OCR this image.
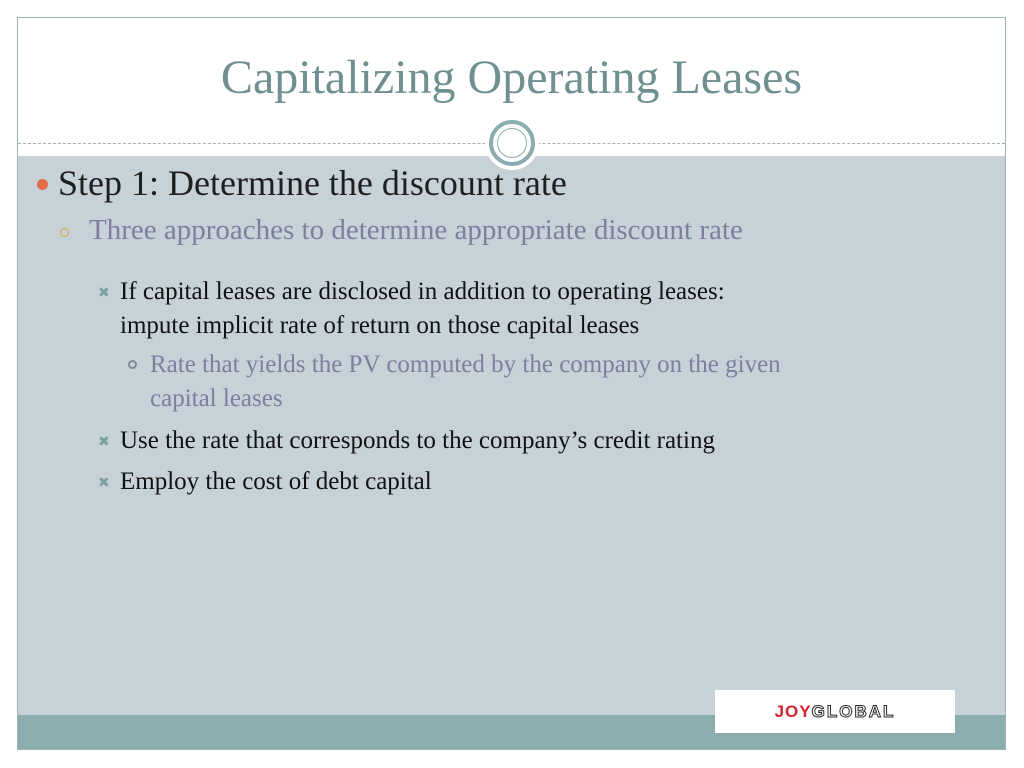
Capitalizing Operating Leases
Step 1: Determine the discount rate
Three approaches to determine appropriate discount rate
✖ If capital leases are disclosed in addition to operating leases:
impute implicit rate of return on those capital leases
Rate that yields the PV computed by the company on the given
capital leases
✖ Use the rate that corresponds to the company’s credit rating
✖ Employ the cost of debt capital
JOY GLOBAL
